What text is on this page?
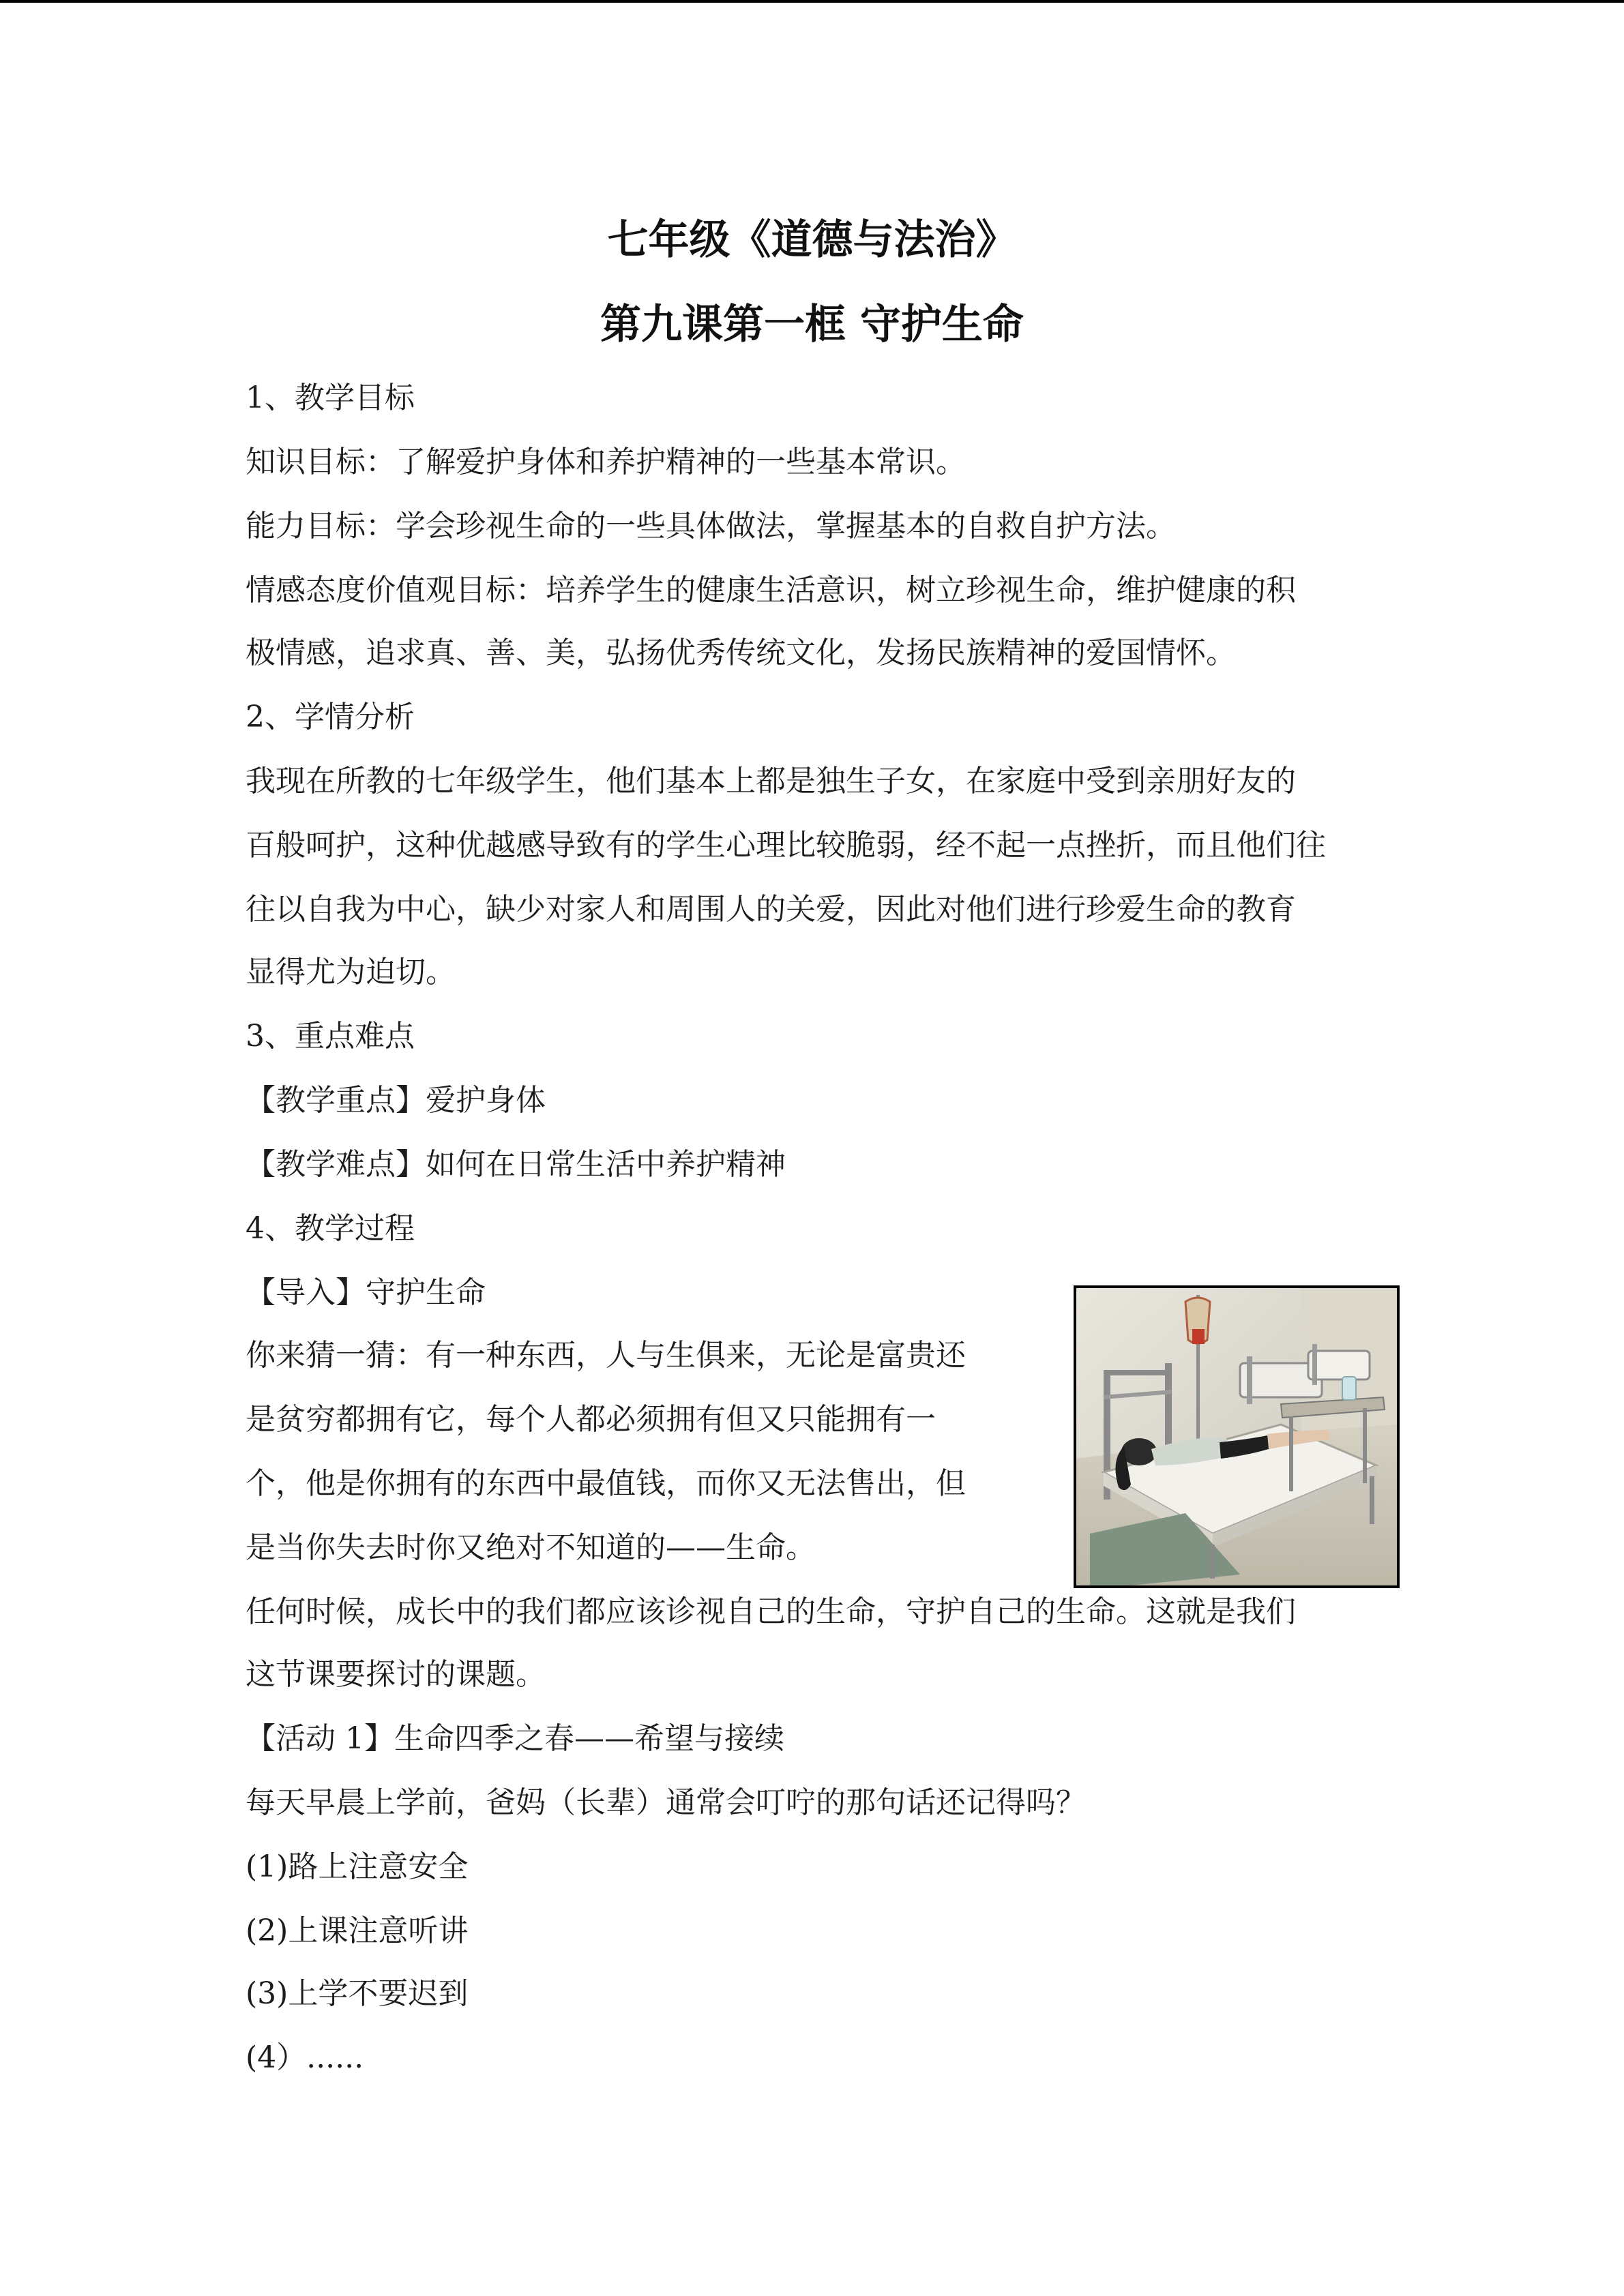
七年级《道德与法治》
第九课第一框 守护生命
1、教学目标
知识目标：了解爱护身体和养护精神的一些基本常识。
能力目标：学会珍视生命的一些具体做法，掌握基本的自救自护方法。
情感态度价值观目标：培养学生的健康生活意识，树立珍视生命，维护健康的积
极情感，追求真、善、美，弘扬优秀传统文化，发扬民族精神的爱国情怀。
2、学情分析
我现在所教的七年级学生，他们基本上都是独生子女，在家庭中受到亲朋好友的
百般呵护，这种优越感导致有的学生心理比较脆弱，经不起一点挫折，而且他们往
往以自我为中心，缺少对家人和周围人的关爱，因此对他们进行珍爱生命的教育
显得尤为迫切。
3、重点难点
【教学重点】爱护身体
【教学难点】如何在日常生活中养护精神
4、教学过程
【导入】守护生命
你来猜一猜：有一种东西，人与生俱来，无论是富贵还
是贫穷都拥有它，每个人都必须拥有但又只能拥有一
个，他是你拥有的东西中最值钱，而你又无法售出，但
是当你失去时你又绝对不知道的——生命。
任何时候，成长中的我们都应该诊视自己的生命，守护自己的生命。这就是我们
这节课要探讨的课题。
【活动 1】生命四季之春——希望与接续
每天早晨上学前，爸妈（长辈）通常会叮咛的那句话还记得吗？
(1)路上注意安全
(2)上课注意听讲
(3)上学不要迟到
(4）......
